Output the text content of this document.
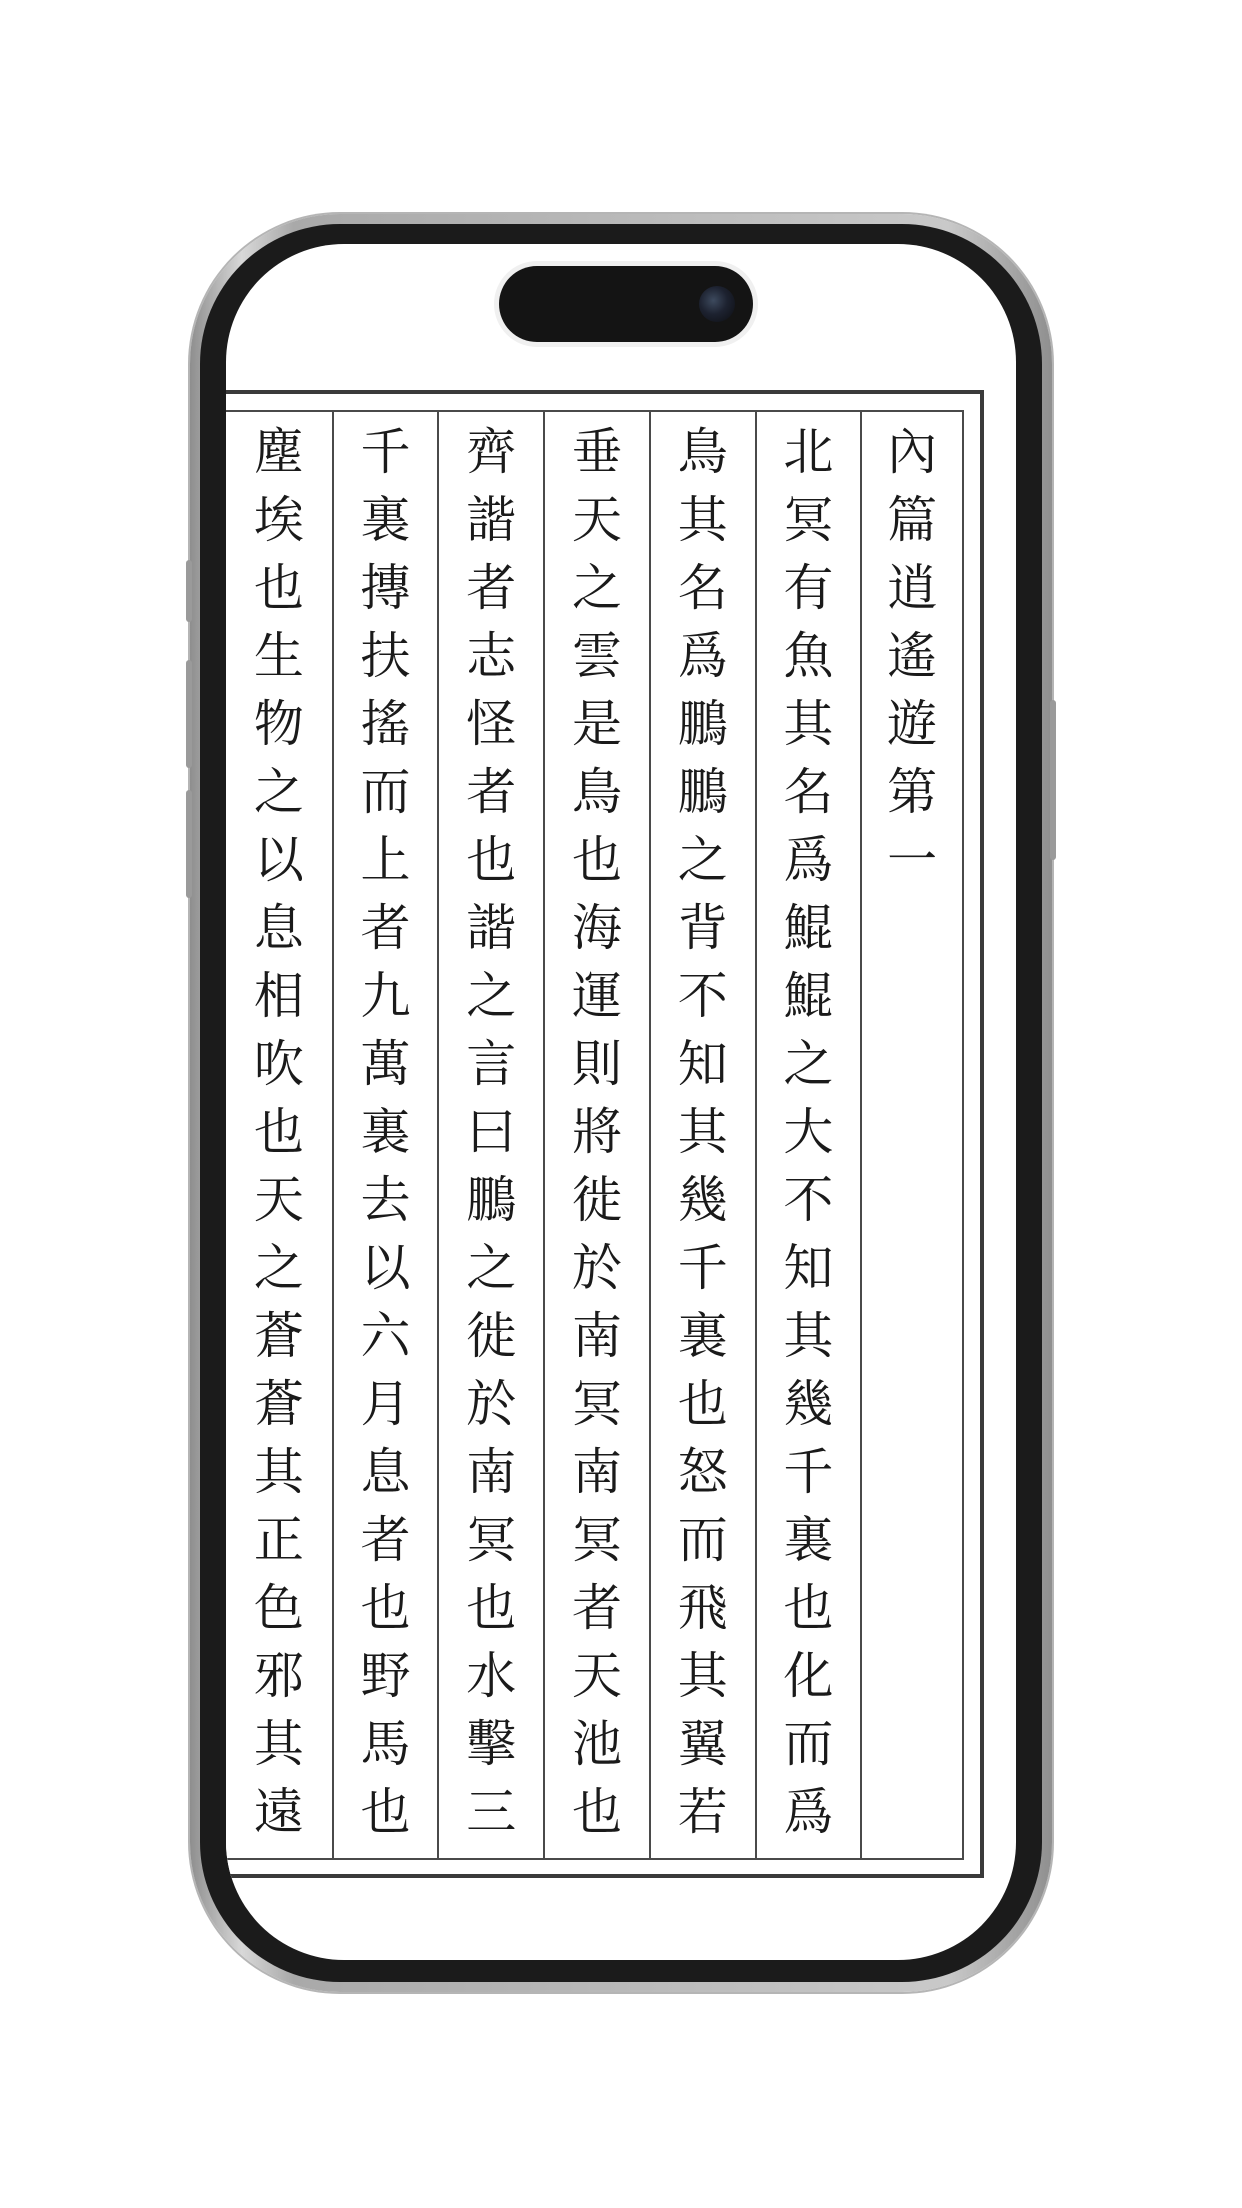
內
篇
逍
遙
遊
第
一
北
冥
有
魚
其
名
爲
鯤
鯤
之
大
不
知
其
幾
千
裏
也
化
而
爲
鳥
其
名
爲
鵬
鵬
之
背
不
知
其
幾
千
裏
也
怒
而
飛
其
翼
若
垂
天
之
雲
是
鳥
也
海
運
則
將
徙
於
南
冥
南
冥
者
天
池
也
齊
諧
者
志
怪
者
也
諧
之
言
曰
鵬
之
徙
於
南
冥
也
水
擊
三
千
裏
摶
扶
搖
而
上
者
九
萬
裏
去
以
六
月
息
者
也
野
馬
也
塵
埃
也
生
物
之
以
息
相
吹
也
天
之
蒼
蒼
其
正
色
邪
其
遠
